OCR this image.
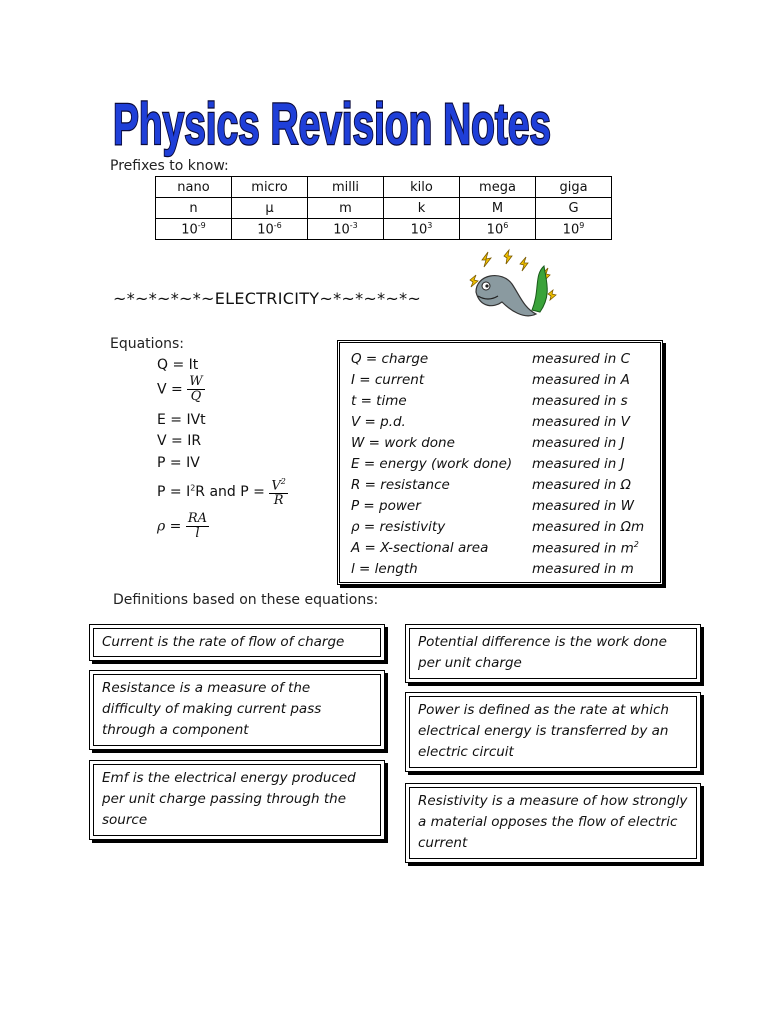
Physics Revision Notes
Prefixes to know:
nano	micro	milli	kilo	mega	giga
n	μ	m	k	M	G
$10^{-9}$	$10^{-6}$	$10^{-3}$	$10^3$	$10^6$	$10^9$
~*~*~*~*~ELECTRICITY~*~*~*~*~
Equations:
Q = It
$V = \frac{W}{Q}$
E = IVt
V = IR
P = IV
$P = I^2R$ and $P = \frac{V^2}{R}$
$\rho = \frac{RA}{l}$
Q = charge	measured in C
I = current	measured in A
t = time	measured in s
V = p.d.	measured in V
W = work done	measured in J
E = energy (work done) measured in J
R = resistance	measured in Ω
P = power	measured in W
ρ = resistivity	measured in Ωm
A = X-sectional area	measured in $m^2$
l = length	measured in m
Definitions based on these equations:
Current is the rate of flow of charge
Resistance is a measure of the difficulty of making current pass through a component
Emf is the electrical energy produced per unit charge passing through the source
Potential difference is the work done per unit charge
Power is defined as the rate at which electrical energy is transferred by an electric circuit
Resistivity is a measure of how strongly a material opposes the flow of electric current
